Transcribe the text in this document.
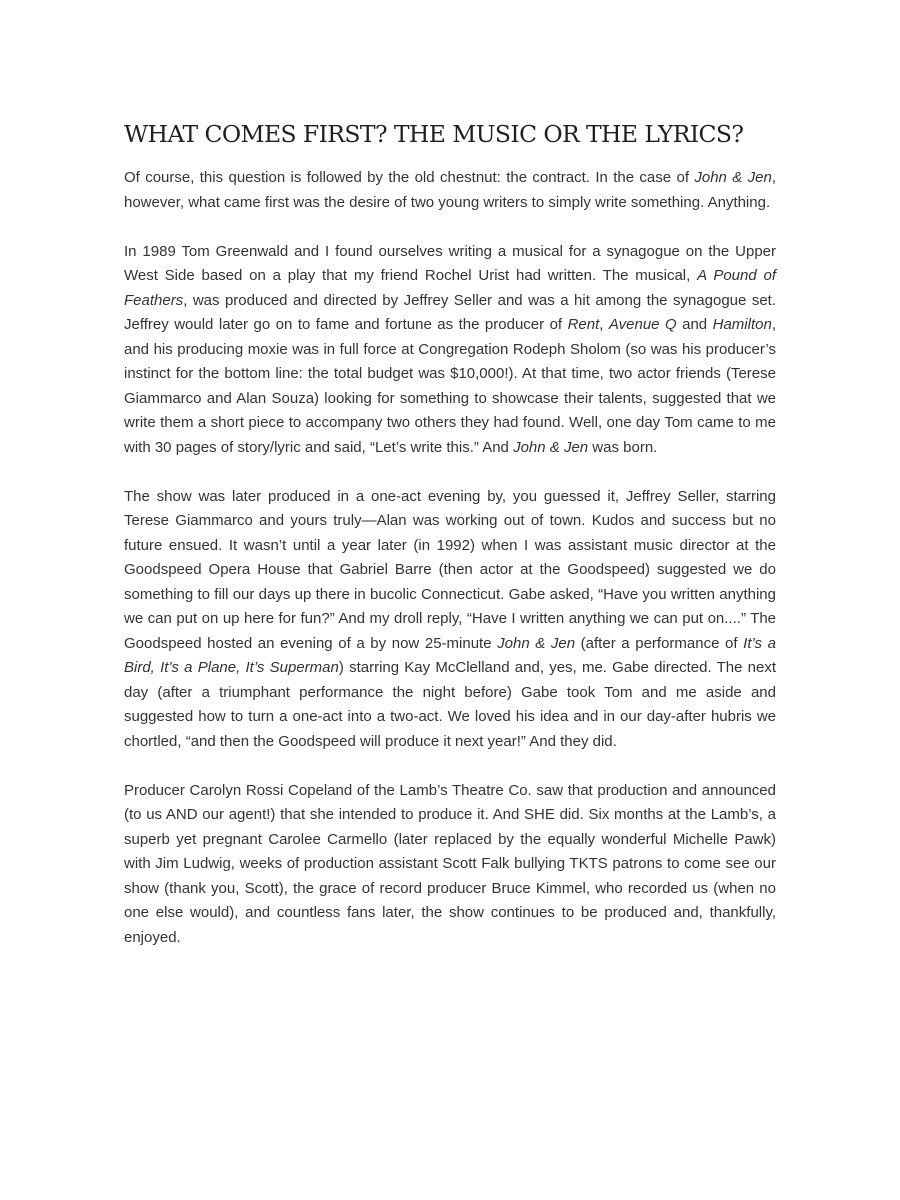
WHAT COMES FIRST? THE MUSIC OR THE LYRICS?

Of course, this question is followed by the old chestnut: the contract. In the case of John & Jen, however, what came first was the desire of two young writers to simply write something. Anything.

In 1989 Tom Greenwald and I found ourselves writing a musical for a synagogue on the Upper West Side based on a play that my friend Rochel Urist had written. The musical, A Pound of Feathers, was produced and directed by Jeffrey Seller and was a hit among the synagogue set. Jeffrey would later go on to fame and fortune as the producer of Rent, Avenue Q and Hamilton, and his producing moxie was in full force at Congregation Rodeph Sholom (so was his producer’s instinct for the bottom line: the total budget was $10,000!). At that time, two actor friends (Terese Giammarco and Alan Souza) looking for something to showcase their talents, suggested that we write them a short piece to accompany two others they had found. Well, one day Tom came to me with 30 pages of story/lyric and said, “Let’s write this.” And John & Jen was born.

The show was later produced in a one-act evening by, you guessed it, Jeffrey Seller, starring Terese Giammarco and yours truly—Alan was working out of town. Kudos and success but no future ensued. It wasn’t until a year later (in 1992) when I was assistant music director at the Goodspeed Opera House that Gabriel Barre (then actor at the Goodspeed) suggested we do something to fill our days up there in bucolic Connecticut. Gabe asked, “Have you written anything we can put on up here for fun?” And my droll reply, “Have I written anything we can put on....” The Goodspeed hosted an evening of a by now 25-minute John & Jen (after a performance of It’s a Bird, It’s a Plane, It’s Superman) starring Kay McClelland and, yes, me. Gabe directed. The next day (after a triumphant performance the night before) Gabe took Tom and me aside and suggested how to turn a one-act into a two-act. We loved his idea and in our day-after hubris we chortled, “and then the Goodspeed will produce it next year!” And they did.

Producer Carolyn Rossi Copeland of the Lamb’s Theatre Co. saw that production and announced (to us AND our agent!) that she intended to produce it. And SHE did. Six months at the Lamb’s, a superb yet pregnant Carolee Carmello (later replaced by the equally wonderful Michelle Pawk) with Jim Ludwig, weeks of production assistant Scott Falk bullying TKTS patrons to come see our show (thank you, Scott), the grace of record producer Bruce Kimmel, who recorded us (when no one else would), and countless fans later, the show continues to be produced and, thankfully, enjoyed.
